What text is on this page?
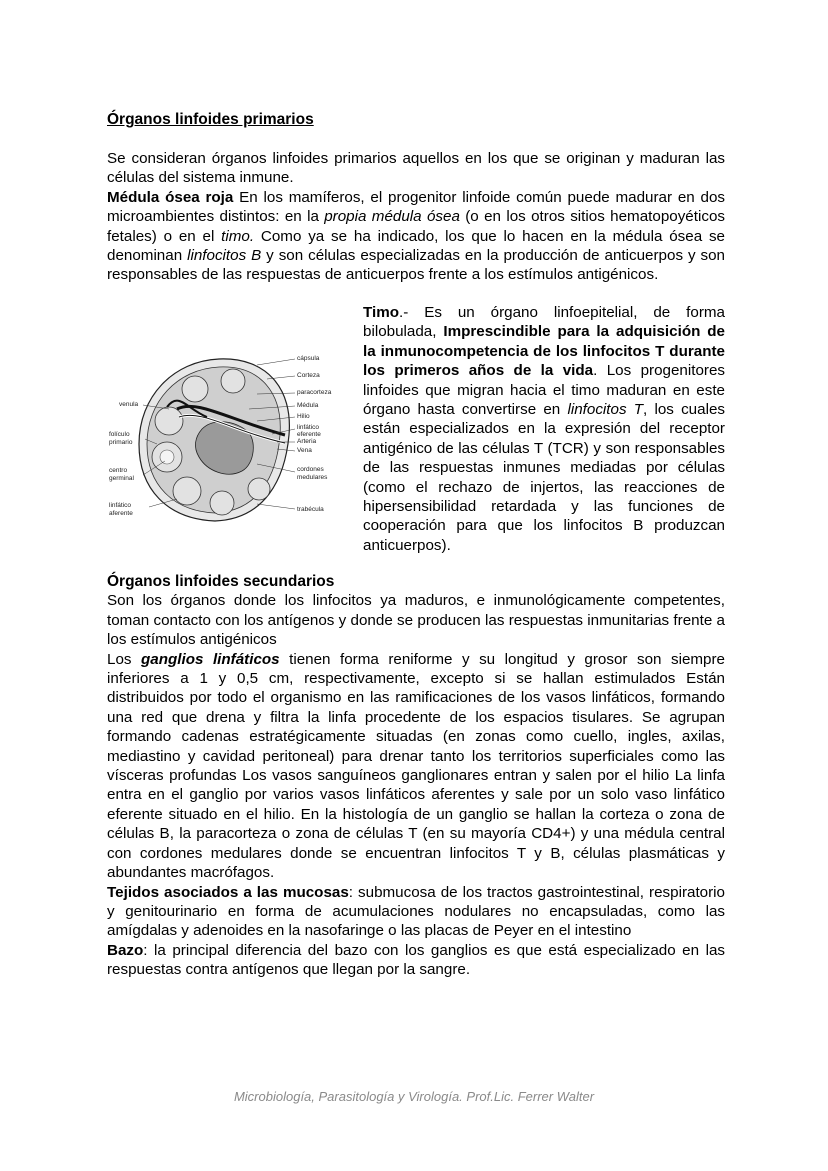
Órganos linfoides primarios

Se consideran órganos linfoides primarios aquellos en los que se originan y maduran las células del sistema inmune.

Médula ósea roja En los mamíferos, el progenitor linfoide común puede madurar en dos microambientes distintos: en la propia médula ósea (o en los otros sitios hematopoyéticos fetales) o en el timo. Como ya se ha indicado, los que lo hacen en la médula ósea se denominan linfocitos B y son células especializadas en la producción de anticuerpos y son responsables de las respuestas de anticuerpos frente a los estímulos antigénicos.

cápsula
Corteza
paracorteza
Médula
Hilio
linfático
eferente
Arteria
Vena
cordones
medulares
trabécula
venula
folículo
primario
centro
germinal
linfático
aferente

Timo.- Es un órgano linfoepitelial, de forma bilobulada, Imprescindible para la adquisición de la inmunocompetencia de los linfocitos T durante los primeros años de la vida. Los progenitores linfoides que migran hacia el timo maduran en este órgano hasta convertirse en linfocitos T, los cuales están especializados en la expresión del receptor antigénico de las células T (TCR) y son responsables de las respuestas inmunes mediadas por células (como el rechazo de injertos, las reacciones de hipersensibilidad retardada y las funciones de cooperación para que los linfocitos B produzcan anticuerpos).

Órganos linfoides secundarios

Son los órganos donde los linfocitos ya maduros, e inmunológicamente competentes, toman contacto con los antígenos y donde se producen las respuestas inmunitarias frente a los estímulos antigénicos

Los ganglios linfáticos tienen forma reniforme y su longitud y grosor son siempre inferiores a 1 y 0,5 cm, respectivamente, excepto si se hallan estimulados Están distribuidos por todo el organismo en las ramificaciones de los vasos linfáticos, formando una red que drena y filtra la linfa procedente de los espacios tisulares. Se agrupan formando cadenas estratégicamente situadas (en zonas como cuello, ingles, axilas, mediastino y cavidad peritoneal) para drenar tanto los territorios superficiales como las vísceras profundas Los vasos sanguíneos ganglionares entran y salen por el hilio La linfa entra en el ganglio por varios vasos linfáticos aferentes y sale por un solo vaso linfático eferente situado en el hilio. En la histología de un ganglio se hallan la corteza o zona de células B, la paracorteza o zona de células T (en su mayoría CD4+) y una médula central con cordones medulares donde se encuentran linfocitos T y B, células plasmáticas y abundantes macrófagos.

Tejidos asociados a las mucosas: submucosa de los tractos gastrointestinal, respiratorio y genitourinario en forma de acumulaciones nodulares no encapsuladas, como las amígdalas y adenoides en la nasofaringe o las placas de Peyer en el intestino

Bazo: la principal diferencia del bazo con los ganglios es que está especializado en las respuestas contra antígenos que llegan por la sangre.

Microbiología, Parasitología y Virología. Prof.Lic. Ferrer Walter
